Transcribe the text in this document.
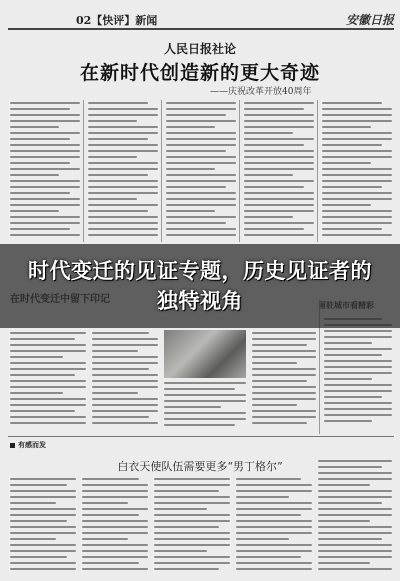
02【快评】新闻	安徽日报
人民日报社论
在新时代创造新的更大奇迹
——庆祝改革开放40周年
有感而发
白衣天使队伍需要更多“男丁格尔”
时代变迁的见证专题，历史见证者的独特视角
